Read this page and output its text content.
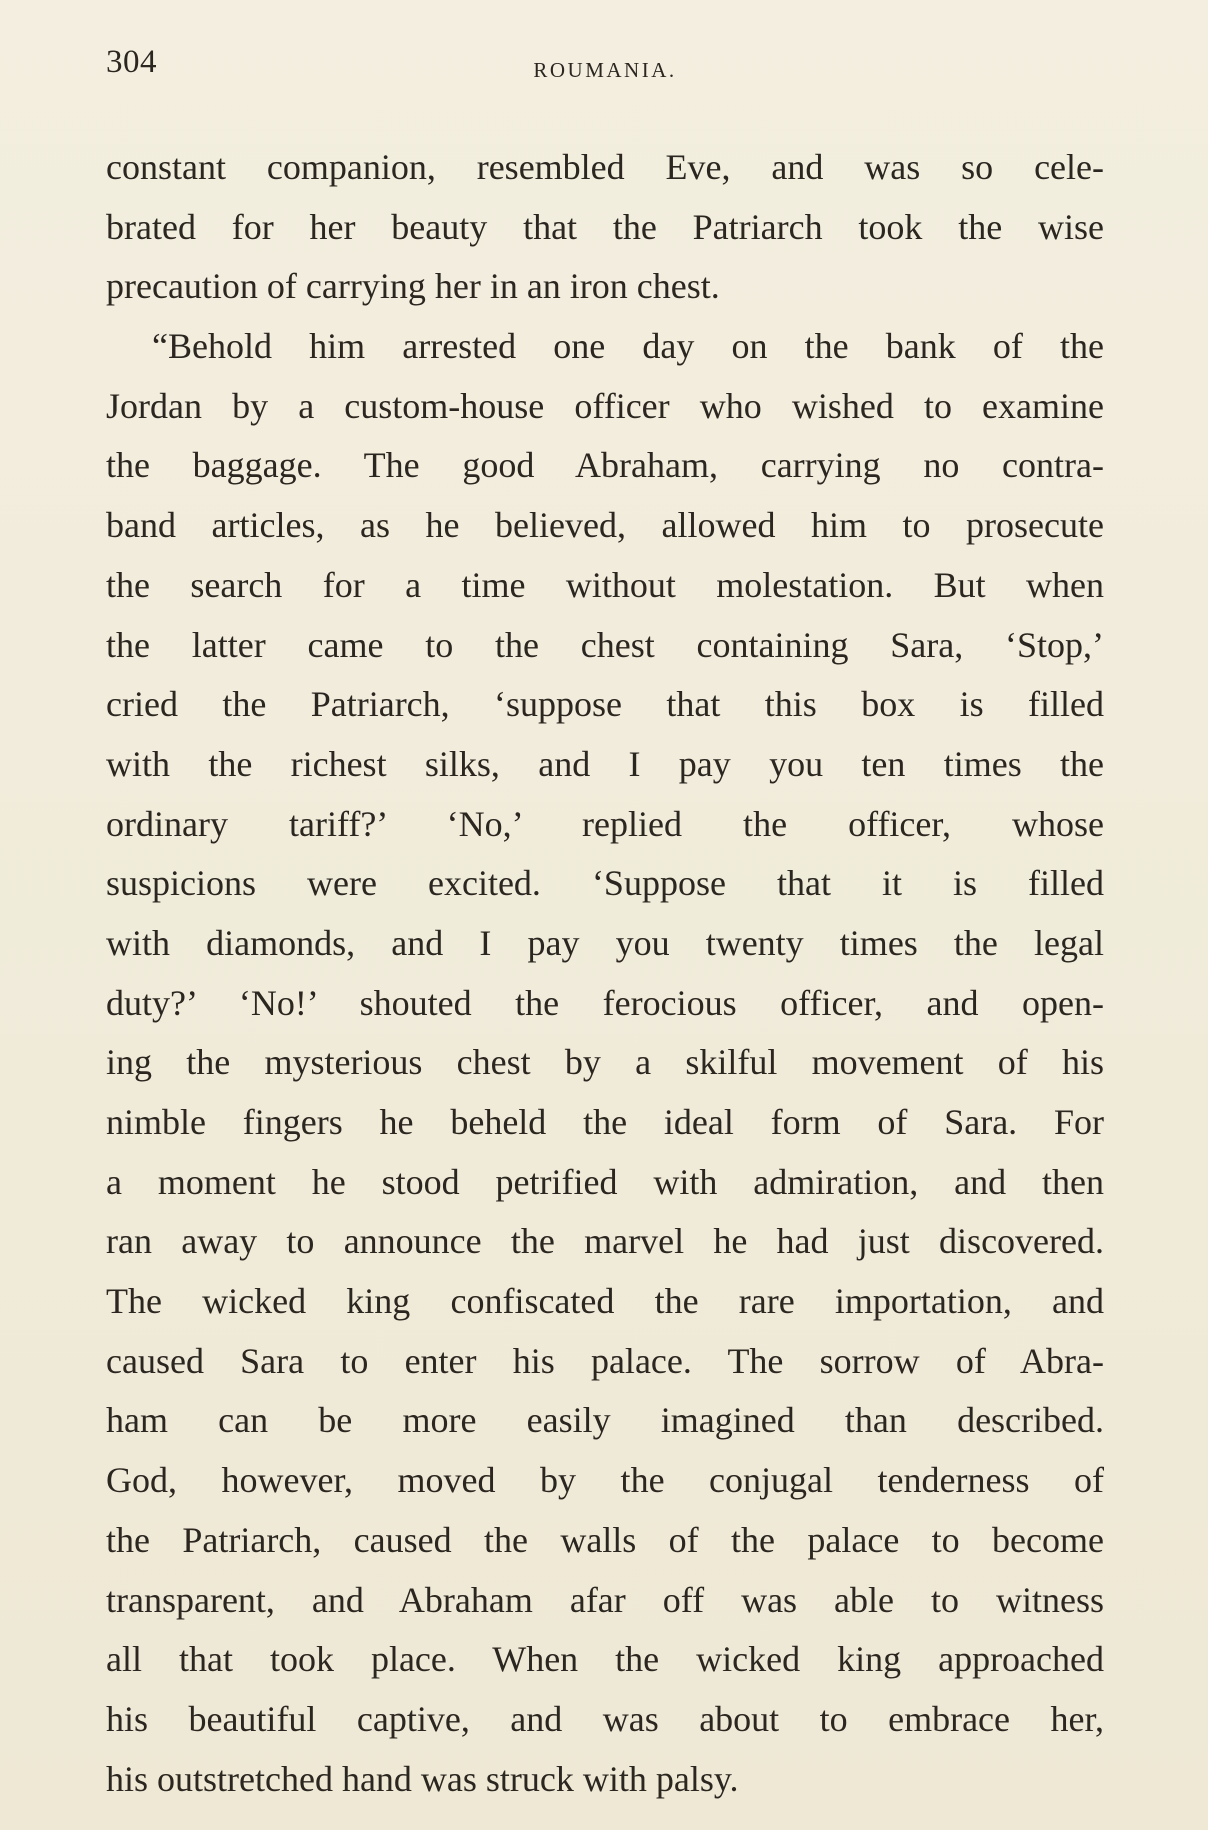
304	ROUMANIA.
constant companion, resembled Eve, and was so cele-
brated for her beauty that the Patriarch took the wise
precaution of carrying her in an iron chest.
“Behold him arrested one day on the bank of the
Jordan by a custom-house officer who wished to examine
the baggage. The good Abraham, carrying no contra-
band articles, as he believed, allowed him to prosecute
the search for a time without molestation. But when
the latter came to the chest containing Sara, ‘Stop,’
cried the Patriarch, ‘suppose that this box is filled
with the richest silks, and I pay you ten times the
ordinary tariff?’ ‘No,’ replied the officer, whose
suspicions were excited. ‘Suppose that it is filled
with diamonds, and I pay you twenty times the legal
duty?’ ‘No!’ shouted the ferocious officer, and open-
ing the mysterious chest by a skilful movement of his
nimble fingers he beheld the ideal form of Sara. For
a moment he stood petrified with admiration, and then
ran away to announce the marvel he had just discovered.
The wicked king confiscated the rare importation, and
caused Sara to enter his palace. The sorrow of Abra-
ham can be more easily imagined than described.
God, however, moved by the conjugal tenderness of
the Patriarch, caused the walls of the palace to become
transparent, and Abraham afar off was able to witness
all that took place. When the wicked king approached
his beautiful captive, and was about to embrace her,
his outstretched hand was struck with palsy.
